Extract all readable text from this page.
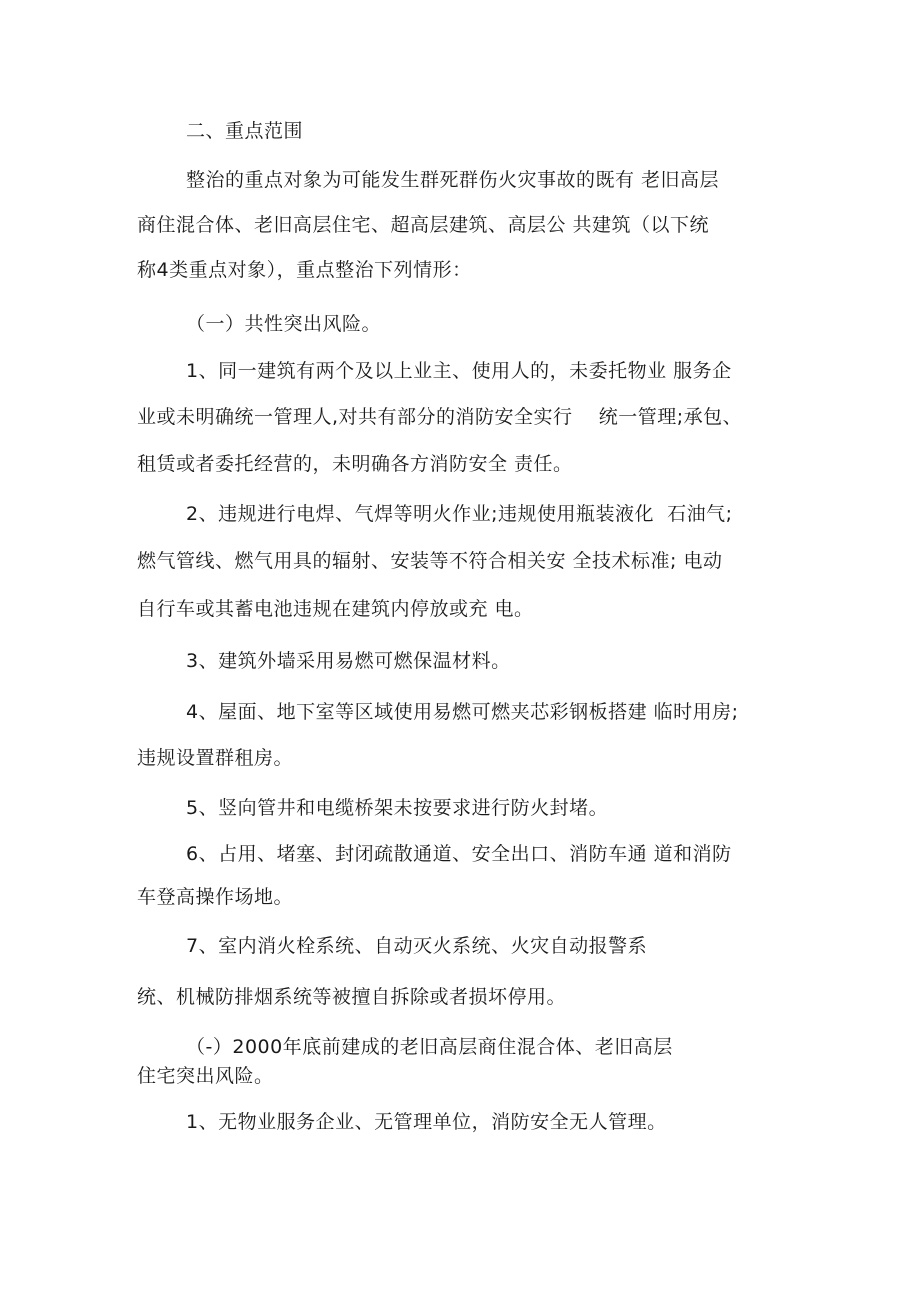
二、重点范围
整治的重点对象为可能发生群死群伤火灾事故的既有 老旧高层
商住混合体、老旧高层住宅、超高层建筑、高层公 共建筑（以下统
称4类重点对象），重点整治下列情形：
（一）共性突出风险。
1、同一建筑有两个及以上业主、使用人的，未委托物业 服务企
业或未明确统一管理人,对共有部分的消防安全实行    统一管理;承包、
租赁或者委托经营的，未明确各方消防安全 责任。
2、违规进行电焊、气焊等明火作业;违规使用瓶装液化  石油气;
燃气管线、燃气用具的辐射、安装等不符合相关安 全技术标准; 电动
自行车或其蓄电池违规在建筑内停放或充 电。
3、建筑外墙采用易燃可燃保温材料。
4、屋面、地下室等区域使用易燃可燃夹芯彩钢板搭建 临时用房;
违规设置群租房。
5、竖向管井和电缆桥架未按要求进行防火封堵。
6、占用、堵塞、封闭疏散通道、安全出口、消防车通 道和消防
车登高操作场地。
7、室内消火栓系统、自动灭火系统、火灾自动报警系
统、机械防排烟系统等被擅自拆除或者损坏停用。
（-）2000年底前建成的老旧高层商住混合体、老旧高层
住宅突出风险。
1、无物业服务企业、无管理单位，消防安全无人管理。
